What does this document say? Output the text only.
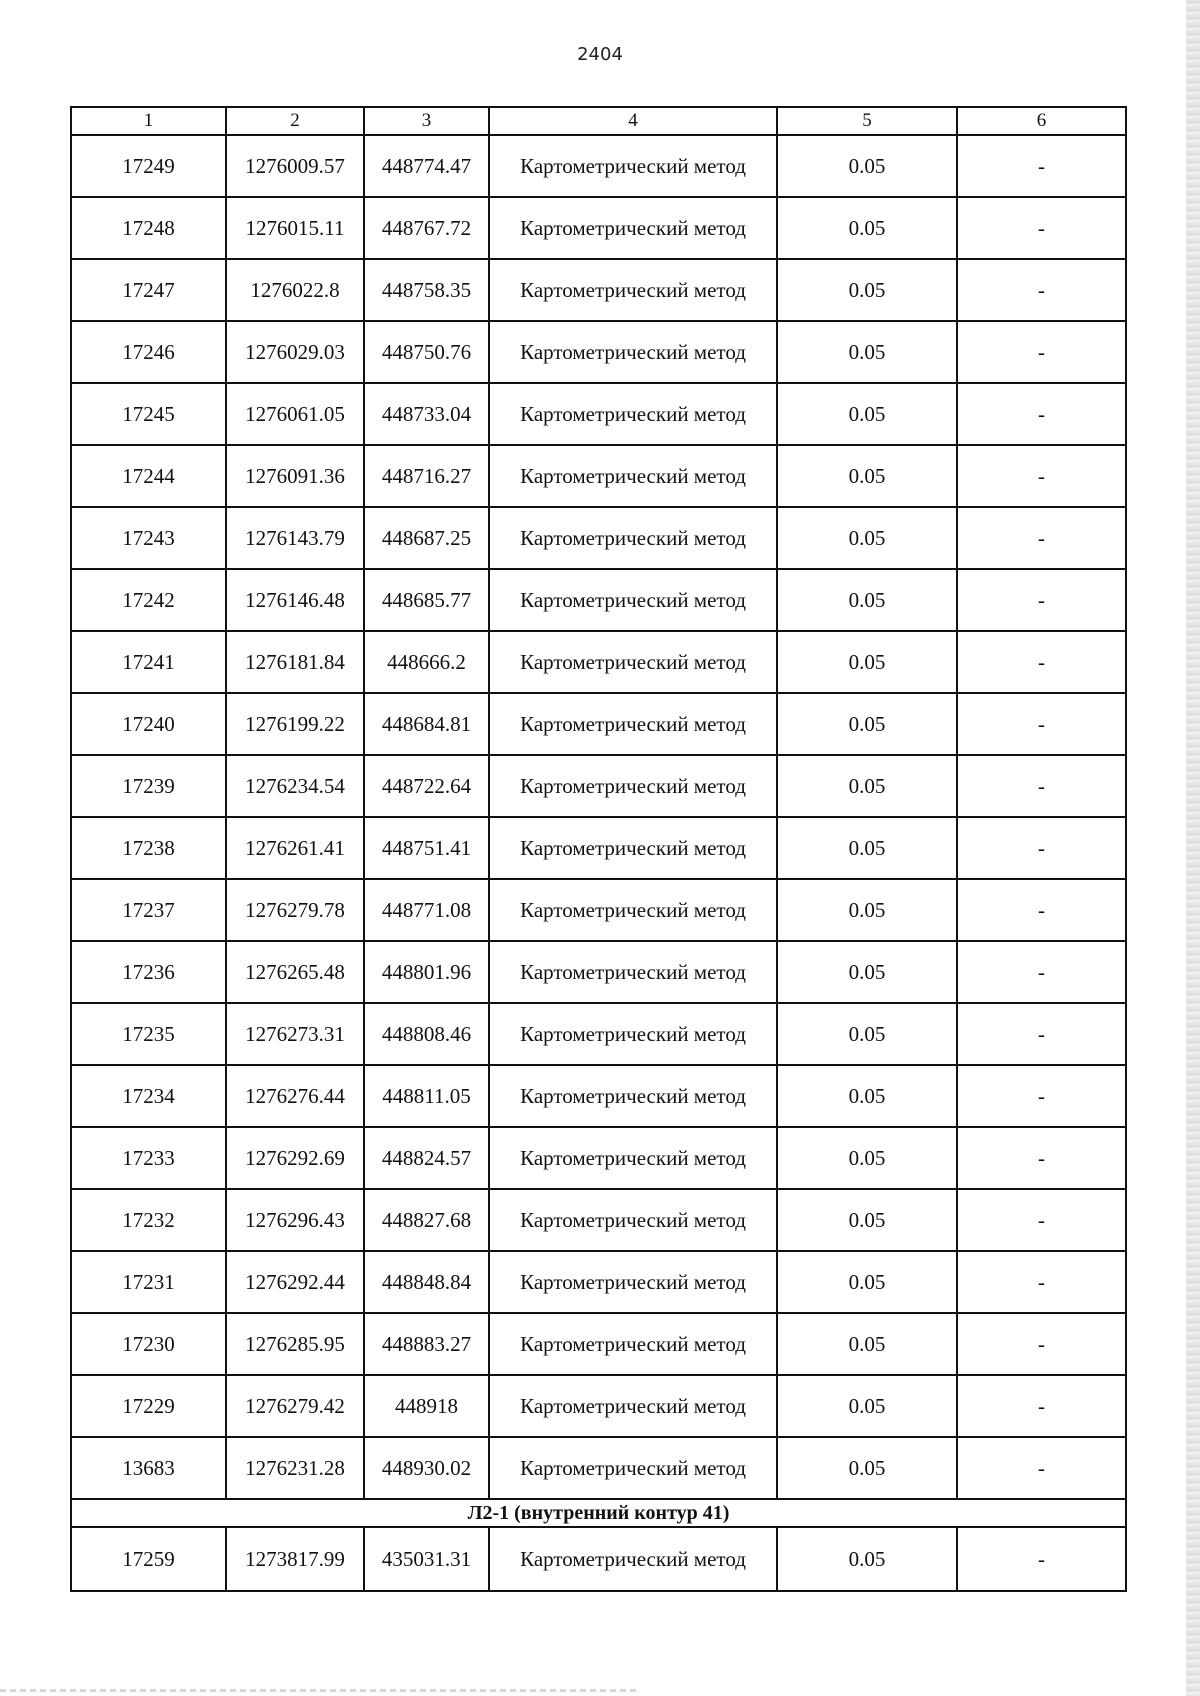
2404
1	2	3	4	5	6
17249	1276009.57	448774.47	Картометрический метод	0.05	-
17248	1276015.11	448767.72	Картометрический метод	0.05	-
17247	1276022.8	448758.35	Картометрический метод	0.05	-
17246	1276029.03	448750.76	Картометрический метод	0.05	-
17245	1276061.05	448733.04	Картометрический метод	0.05	-
17244	1276091.36	448716.27	Картометрический метод	0.05	-
17243	1276143.79	448687.25	Картометрический метод	0.05	-
17242	1276146.48	448685.77	Картометрический метод	0.05	-
17241	1276181.84	448666.2	Картометрический метод	0.05	-
17240	1276199.22	448684.81	Картометрический метод	0.05	-
17239	1276234.54	448722.64	Картометрический метод	0.05	-
17238	1276261.41	448751.41	Картометрический метод	0.05	-
17237	1276279.78	448771.08	Картометрический метод	0.05	-
17236	1276265.48	448801.96	Картометрический метод	0.05	-
17235	1276273.31	448808.46	Картометрический метод	0.05	-
17234	1276276.44	448811.05	Картометрический метод	0.05	-
17233	1276292.69	448824.57	Картометрический метод	0.05	-
17232	1276296.43	448827.68	Картометрический метод	0.05	-
17231	1276292.44	448848.84	Картометрический метод	0.05	-
17230	1276285.95	448883.27	Картометрический метод	0.05	-
17229	1276279.42	448918	Картометрический метод	0.05	-
13683	1276231.28	448930.02	Картометрический метод	0.05	-
Л2-1 (внутренний контур 41)					
17259	1273817.99	435031.31	Картометрический метод	0.05	-
